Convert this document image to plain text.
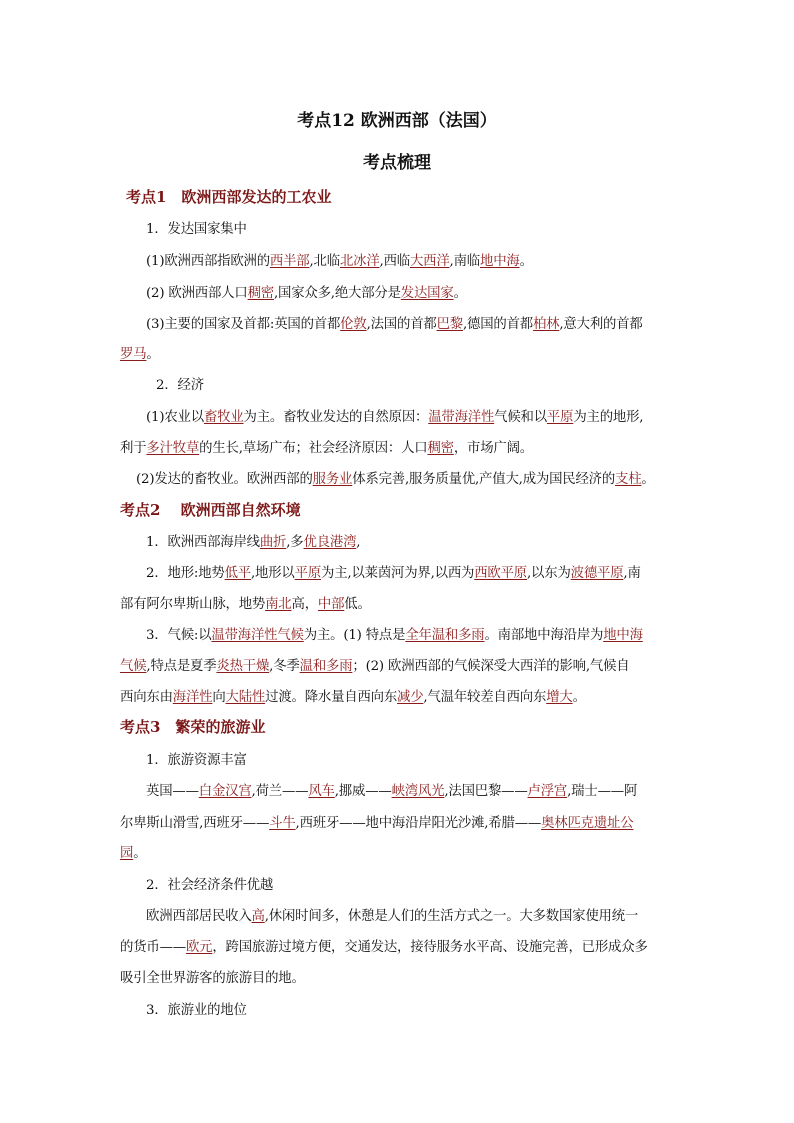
考点12 欧洲西部（法国）
考点梳理
考点1　欧洲西部发达的工农业
1．发达国家集中
(1)欧洲西部指欧洲的西半部,北临北冰洋,西临大西洋,南临地中海。
(2) 欧洲西部人口稠密,国家众多,绝大部分是发达国家。
(3)主要的国家及首都:英国的首都伦敦,法国的首都巴黎,德国的首都柏林,意大利的首都
罗马。
2．经济
(1)农业以畜牧业为主。畜牧业发达的自然原因：温带海洋性气候和以平原为主的地形,
利于多汁牧草的生长,草场广布；社会经济原因：人口稠密，市场广阔。
(2)发达的畜牧业。欧洲西部的服务业体系完善,服务质量优,产值大,成为国民经济的支柱。
考点2　 欧洲西部自然环境
1．欧洲西部海岸线曲折,多优良港湾,
2．地形:地势低平,地形以平原为主,以莱茵河为界,以西为西欧平原,以东为波德平原,南
部有阿尔卑斯山脉，地势南北高，中部低。
3．气候:以温带海洋性气候为主。(1) 特点是全年温和多雨。南部地中海沿岸为地中海
气候,特点是夏季炎热干燥,冬季温和多雨；(2) 欧洲西部的气候深受大西洋的影响,气候自
西向东由海洋性向大陆性过渡。降水量自西向东减少,气温年较差自西向东增大。
考点3　繁荣的旅游业
1．旅游资源丰富
英国——白金汉宫,荷兰——风车,挪威——峡湾风光,法国巴黎——卢浮宫,瑞士——阿
尔卑斯山滑雪,西班牙——斗牛,西班牙——地中海沿岸阳光沙滩,希腊——奥林匹克遗址公
园。
2．社会经济条件优越
欧洲西部居民收入高,休闲时间多，休憩是人们的生活方式之一。大多数国家使用统一
的货币——欧元，跨国旅游过境方便，交通发达，接待服务水平高、设施完善，已形成众多
吸引全世界游客的旅游目的地。
3．旅游业的地位
